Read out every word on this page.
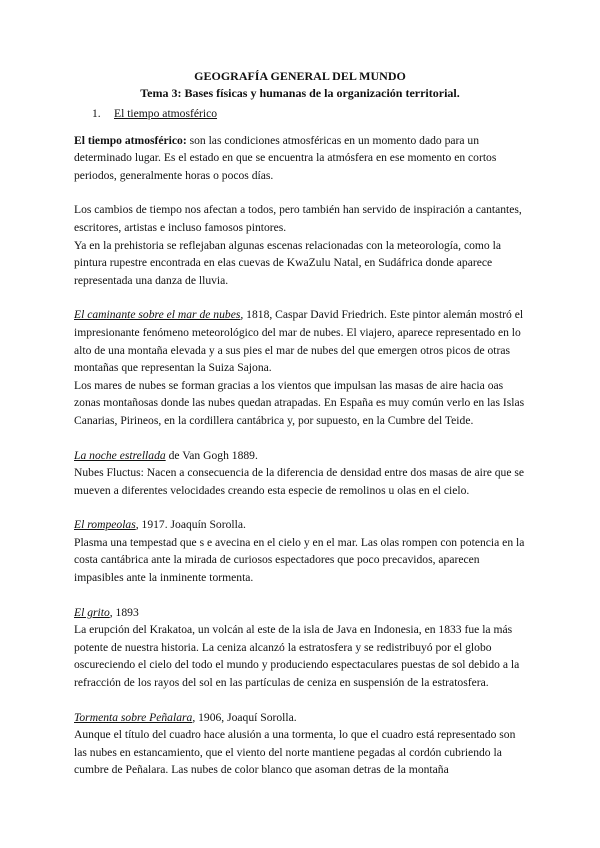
GEOGRAFÍA GENERAL DEL MUNDO
Tema 3: Bases físicas y humanas de la organización territorial.
1. El tiempo atmosférico

El tiempo atmosférico: son las condiciones atmosféricas en un momento dado para un determinado lugar. Es el estado en que se encuentra la atmósfera en ese momento en cortos periodos, generalmente horas o pocos días.

Los cambios de tiempo nos afectan a todos, pero también han servido de inspiración a cantantes, escritores, artistas e incluso famosos pintores.

Ya en la prehistoria se reflejaban algunas escenas relacionadas con la meteorología, como la pintura rupestre encontrada en elas cuevas de KwaZulu Natal, en Sudáfrica donde aparece representada una danza de lluvia.

El caminante sobre el mar de nubes, 1818, Caspar David Friedrich. Este pintor alemán mostró el impresionante fenómeno meteorológico del mar de nubes. El viajero, aparece representado en lo alto de una montaña elevada y a sus pies el mar de nubes del que emergen otros picos de otras montañas que representan la Suiza Sajona.

Los mares de nubes se forman gracias a los vientos que impulsan las masas de aire hacia oas zonas montañosas donde las nubes quedan atrapadas. En España es muy común verlo en las Islas Canarias, Pirineos, en la cordillera cantábrica y, por supuesto, en la Cumbre del Teide.

La noche estrellada de Van Gogh 1889.

Nubes Fluctus: Nacen a consecuencia de la diferencia de densidad entre dos masas de aire que se mueven a diferentes velocidades creando esta especie de remolinos u olas en el cielo.

El rompeolas, 1917. Joaquín Sorolla.

Plasma una tempestad que s e avecina en el cielo y en el mar. Las olas rompen con potencia en la costa cantábrica ante la mirada de curiosos espectadores que poco precavidos, aparecen impasibles ante la inminente tormenta.

El grito, 1893

La erupción del Krakatoa, un volcán al este de la isla de Java en Indonesia, en 1833 fue la más potente de nuestra historia. La ceniza alcanzó la estratosfera y se redistribuyó por el globo oscureciendo el cielo del todo el mundo y produciendo espectaculares puestas de sol debido a la refracción de los rayos del sol en las partículas de ceniza en suspensión de la estratosfera.

Tormenta sobre Peñalara, 1906, Joaquí Sorolla.

Aunque el título del cuadro hace alusión a una tormenta, lo que el cuadro está representado son las nubes en estancamiento, que el viento del norte mantiene pegadas al cordón cubriendo la cumbre de Peñalara. Las nubes de color blanco que asoman detras de la montaña
